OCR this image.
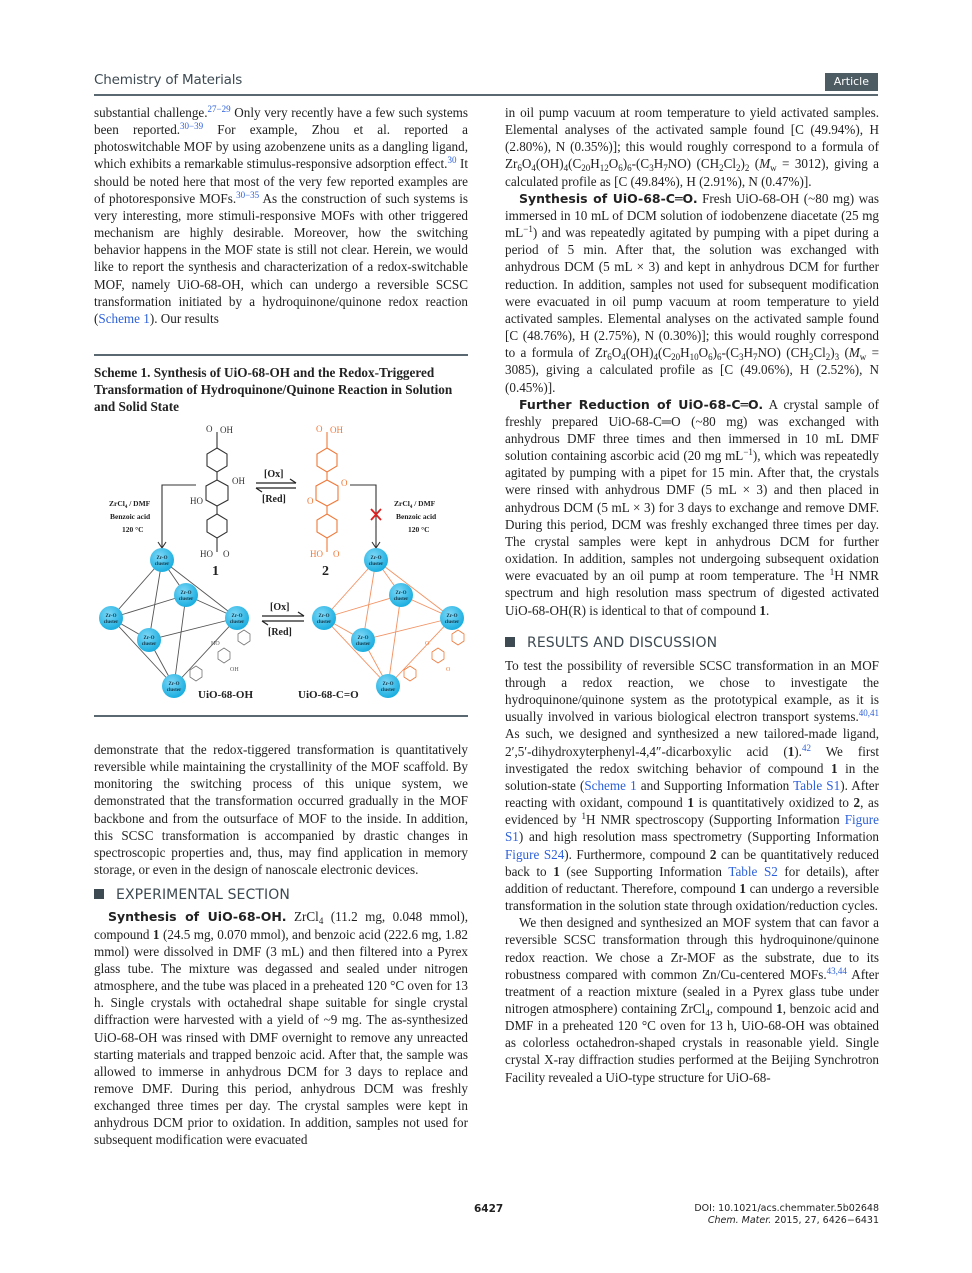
Chemistry of Materials	Article

substantial challenge.$^{27-29}$ Only very recently have a few such systems been reported.$^{30-39}$ For example, Zhou et al. reported a photoswitchable MOF by using azobenzene units as a dangling ligand, which exhibits a remarkable stimulus-responsive adsorption effect.$^{30}$ It should be noted here that most of the very few reported examples are of photoresponsive MOFs.$^{30-35}$ As the construction of such systems is very interesting, more stimuli-responsive MOFs with other triggered mechanism are highly desirable. Moreover, how the switching behavior happens in the MOF state is still not clear. Herein, we would like to report the synthesis and characterization of a redox-switchable MOF, namely UiO-68-OH, which can undergo a reversible SCSC transformation initiated by a hydroquinone/quinone redox reaction (Scheme 1). Our results

Scheme 1. Synthesis of UiO-68-OH and the Redox-Triggered Transformation of Hydroquinone/Quinone Reaction in Solution and Solid State
O OH
OH
HO
HO O
1
O OH
O
O
HO O
2
[Ox]
[Red]
ZrCl$_4$ / DMF
Benzoic acid
120 °C
ZrCl$_4$ / DMF
Benzoic acid
120 °C
HO
OH
O
O
[Ox]
[Red]
Zr-O
cluster
Zr-O
cluster
Zr-O
cluster
Zr-O
cluster
Zr-O
cluster
Zr-O
cluster
Zr-O
cluster
Zr-O
cluster
Zr-O
cluster
Zr-O
cluster
Zr-O
cluster
Zr-O
cluster
UiO-68-OH	UiO-68-C=O

demonstrate that the redox-tiggered transformation is quantitatively reversible while maintaining the crystallinity of the MOF scaffold. By monitoring the switching process of this unique system, we demonstrated that the transformation occurred gradually in the MOF backbone and from the outsurface of MOF to the inside. In addition, this SCSC transformation is accompanied by drastic changes in spectroscopic properties and, thus, may find application in memory storage, or even in the design of nanoscale electronic devices.

EXPERIMENTAL SECTION

Synthesis of UiO-68-OH. ZrCl$_4$ (11.2 mg, 0.048 mmol), compound 1 (24.5 mg, 0.070 mmol), and benzoic acid (222.6 mg, 1.82 mmol) were dissolved in DMF (3 mL) and then filtered into a Pyrex glass tube. The mixture was degassed and sealed under nitrogen atmosphere, and the tube was placed in a preheated 120 °C oven for 13 h. Single crystals with octahedral shape suitable for single crystal diffraction were harvested with a yield of ~9 mg. The as-synthesized UiO-68-OH was rinsed with DMF overnight to remove any unreacted starting materials and trapped benzoic acid. After that, the sample was allowed to immerse in anhydrous DCM for 3 days to replace and remove DMF. During this period, anhydrous DCM was freshly exchanged three times per day. The crystal samples were kept in anhydrous DCM prior to oxidation. In addition, samples not used for subsequent modification were evacuated

in oil pump vacuum at room temperature to yield activated samples. Elemental analyses of the activated sample found [C (49.94%), H (2.80%), N (0.35%)]; this would roughly correspond to a formula of $Zr_6O_4(OH)_4(C_{20}H_{12}O_6)_6-(C_3H_7NO)$ $(CH_2Cl_2)_2$ $(M_w = 3012)$, giving a calculated profile as [C (49.84%), H (2.91%), N (0.47%)].

Synthesis of UiO-68-C═O. Fresh UiO-68-OH (~80 mg) was immersed in 10 mL of DCM solution of iodobenzene diacetate (25 mg $mL^{-1}$) and was repeatedly agitated by pumping with a pipet during a period of 5 min. After that, the solution was exchanged with anhydrous DCM (5 mL × 3) and kept in anhydrous DCM for further reduction. In addition, samples not used for subsequent modification were evacuated in oil pump vacuum at room temperature to yield activated samples. Elemental analyses on the activated sample found [C (48.76%), H (2.75%), N (0.30%)]; this would roughly correspond to a formula of $Zr_6O_4(OH)_4(C_{20}H_{10}O_6)_6-(C_3H_7NO)$ $(CH_2Cl_2)_3$ $(M_w = 3085)$, giving a calculated profile as [C (49.06%), H (2.52%), N (0.45%)].

Further Reduction of UiO-68-C═O. A crystal sample of freshly prepared UiO-68-C═O (~80 mg) was exchanged with anhydrous DMF three times and then immersed in 10 mL DMF solution containing ascorbic acid (20 mg $mL^{-1}$), which was repeatedly agitated by pumping with a pipet for 15 min. After that, the crystals were rinsed with anhydrous DMF (5 mL × 3) and then placed in anhydrous DCM (5 mL × 3) for 3 days to exchange and remove DMF. During this period, DCM was freshly exchanged three times per day. The crystal samples were kept in anhydrous DCM for further oxidation. In addition, samples not undergoing subsequent oxidation were evacuated by an oil pump at room temperature. The $^1$H NMR spectrum and high resolution mass spectrum of digested activated UiO-68-OH(R) is identical to that of compound 1.

RESULTS AND DISCUSSION

To test the possibility of reversible SCSC transformation in an MOF through a redox reaction, we chose to investigate the hydroquinone/quinone system as the prototypical example, as it is usually involved in various biological electron transport systems.$^{40,41}$ As such, we designed and synthesized a new tailored-made ligand, 2′,5′-dihydroxyterphenyl-4,4″-dicarboxylic acid (1).$^{42}$ We first investigated the redox switching behavior of compound 1 in the solution-state (Scheme 1 and Supporting Information Table S1). After reacting with oxidant, compound 1 is quantitatively oxidized to 2, as evidenced by $^1$H NMR spectroscopy (Supporting Information Figure S1) and high resolution mass spectrometry (Supporting Information Figure S24). Furthermore, compound 2 can be quantitatively reduced back to 1 (see Supporting Information Table S2 for details), after addition of reductant. Therefore, compound 1 can undergo a reversible transformation in the solution state through oxidation/reduction cycles.

We then designed and synthesized an MOF system that can favor a reversible SCSC transformation through this hydroquinone/quinone redox reaction. We chose a Zr-MOF as the substrate, due to its robustness compared with common Zn/Cu-centered MOFs.$^{43,44}$ After treatment of a reaction mixture (sealed in a Pyrex glass tube under nitrogen atmosphere) containing ZrCl$_4$, compound 1, benzoic acid and DMF in a preheated 120 °C oven for 13 h, UiO-68-OH was obtained as colorless octahedron-shaped crystals in reasonable yield. Single crystal X-ray diffraction studies performed at the Beijing Synchrotron Facility revealed a UiO-type structure for UiO-68-

6427	DOI: 10.1021/acs.chemmater.5b02648
Chem. Mater. 2015, 27, 6426−6431
